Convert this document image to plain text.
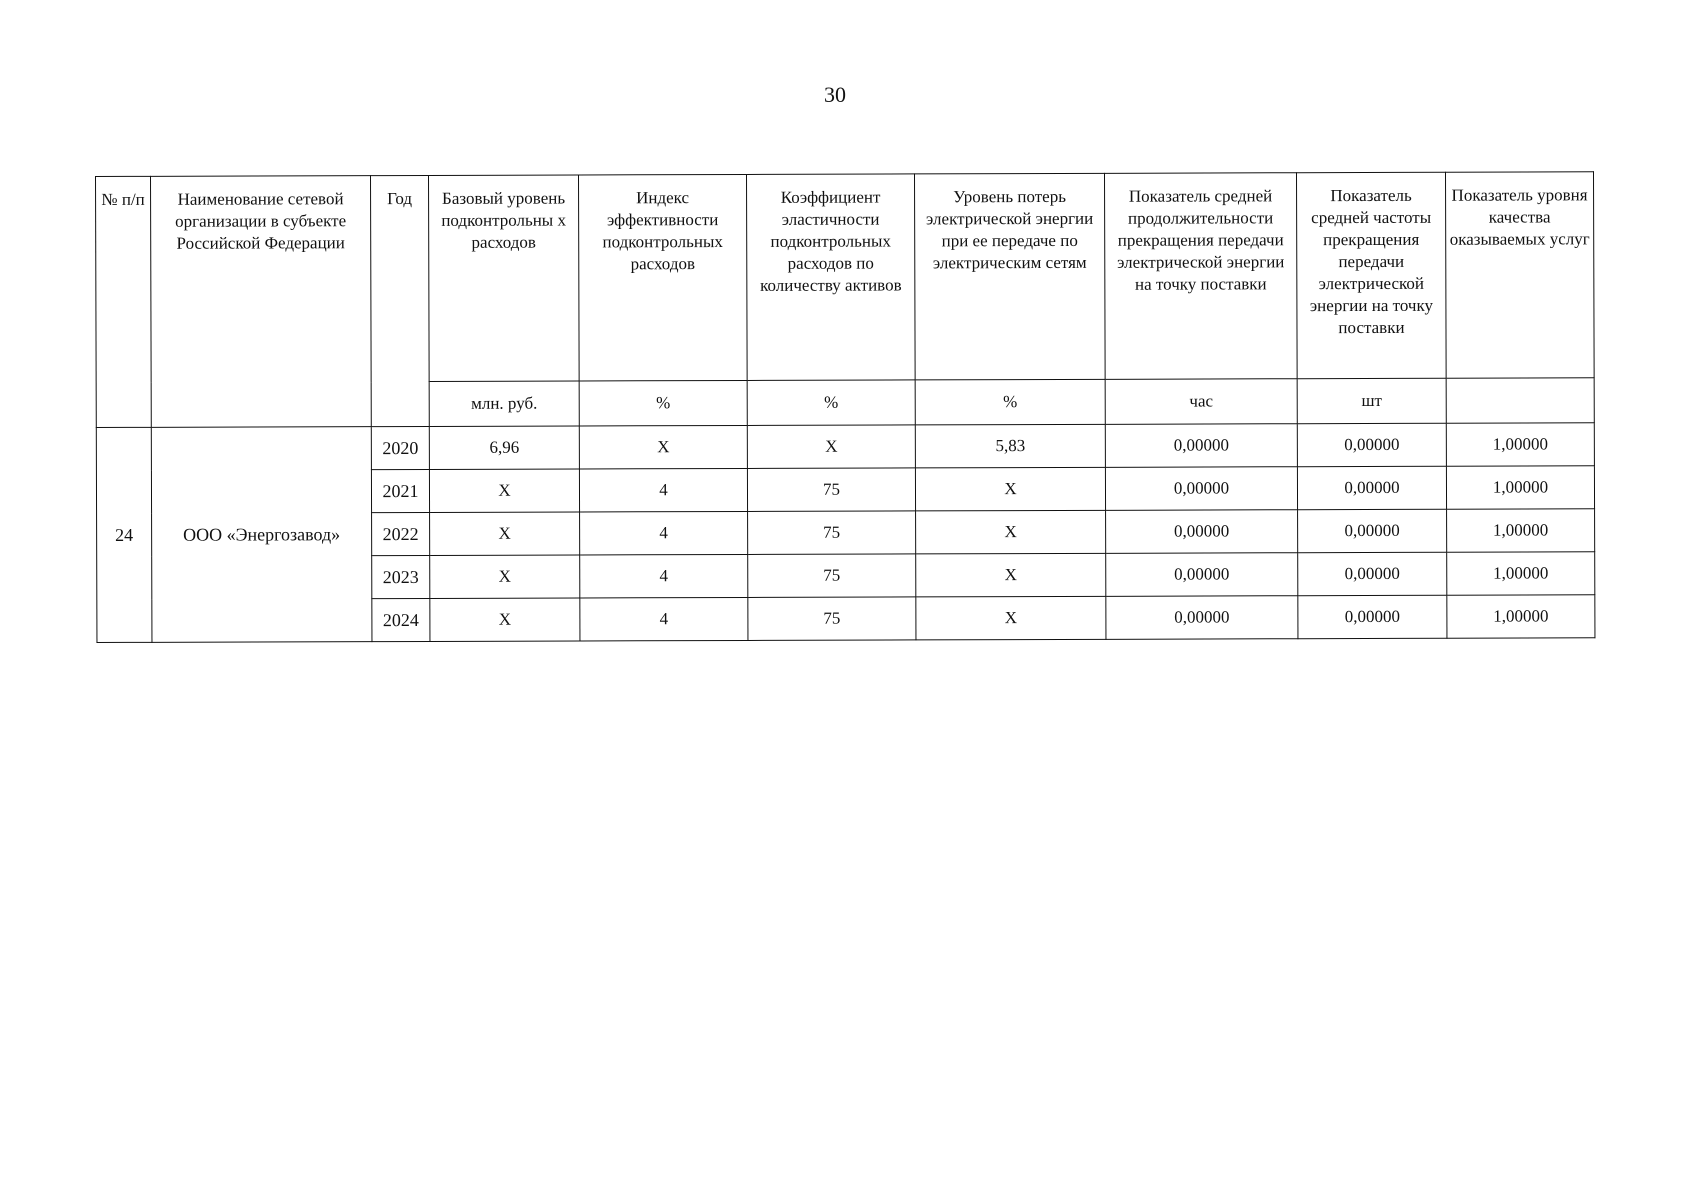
30
№ п/п	Наименование сетевой организации в субъекте Российской Федерации	Год	Базовый уровень подконтрольны х расходов	Индекс эффективности подконтрольных расходов	Коэффициент эластичности подконтрольных расходов по количеству активов	Уровень потерь электрической энергии при ее передаче по электрическим сетям	Показатель средней продолжительности прекращения передачи электрической энергии на точку поставки	Показатель средней частоты прекращения передачи электрической энергии на точку поставки	Показатель уровня качества оказываемых услуг
			млн. руб.	%	%	%	час	шт	
24	ООО «Энергозавод»	2020	6,96	X	X	5,83	0,00000	0,00000	1,00000
		2021	X	4	75	X	0,00000	0,00000	1,00000
		2022	X	4	75	X	0,00000	0,00000	1,00000
		2023	X	4	75	X	0,00000	0,00000	1,00000
		2024	X	4	75	X	0,00000	0,00000	1,00000
